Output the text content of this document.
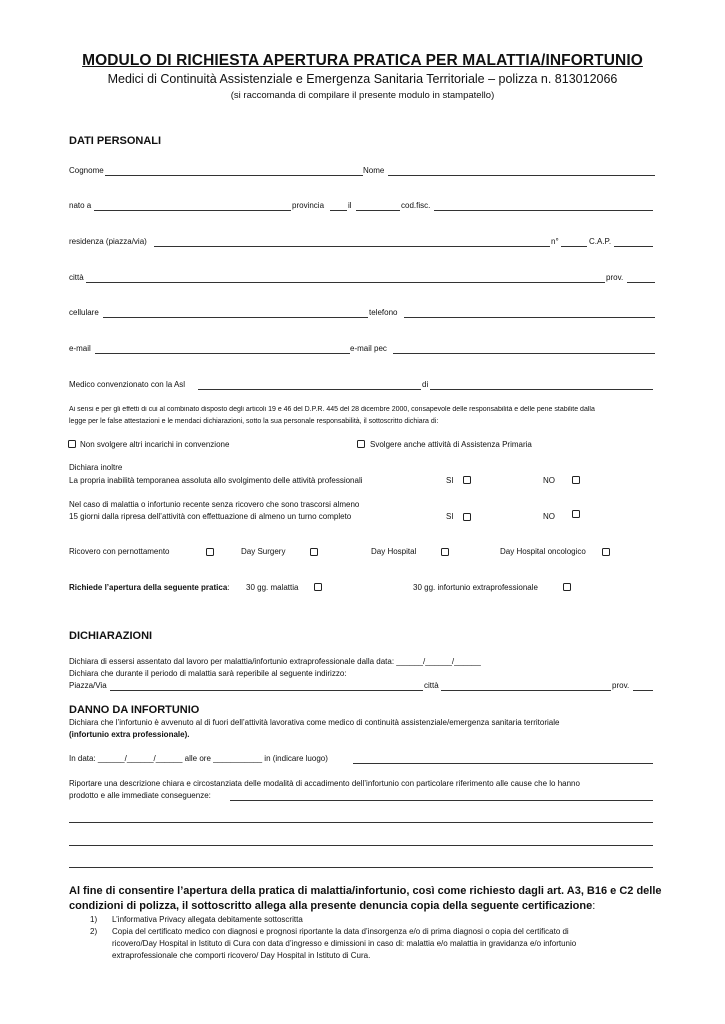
MODULO DI RICHIESTA APERTURA PRATICA PER MALATTIA/INFORTUNIO
Medici di Continuità Assistenziale e Emergenza Sanitaria Territoriale – polizza n. 813012066
(si raccomanda di compilare il presente modulo in stampatello)
DATI PERSONALI
Cognome	Nome
nato a	provincia	il	cod.fisc.
residenza (piazza/via)	n°	C.A.P.
città	prov.
cellulare	telefono
e-mail	e-mail pec
Medico convenzionato con la Asl	di
Ai sensi e per gli effetti di cui al combinato disposto degli articoli 19 e 46 del D.P.R. 445 del 28 dicembre 2000, consapevole delle responsabilità e delle pene stabilite dalla
legge per le false attestazioni e le mendaci dichiarazioni, sotto la sua personale responsabilità, il sottoscritto dichiara di:
Non svolgere altri incarichi in convenzione	Svolgere anche attività di Assistenza Primaria
Dichiara inoltre
La propria inabilità temporanea assoluta allo svolgimento delle attività professionali	SI	NO
Nel caso di malattia o infortunio recente senza ricovero che sono trascorsi almeno
15 giorni dalla ripresa dell’attività con effettuazione di almeno un turno completo	SI	NO
Ricovero con pernottamento	Day Surgery	Day Hospital	Day Hospital oncologico
Richiede l’apertura della seguente pratica: 30 gg. malattia	30 gg. infortunio extraprofessionale
DICHIARAZIONI
Dichiara di essersi assentato dal lavoro per malattia/infortunio extraprofessionale dalla data: ______/______/______
Dichiara che durante il periodo di malattia sarà reperibile al seguente indirizzo:
Piazza/Via	città	prov.
DANNO DA INFORTUNIO
Dichiara che l’infortunio è avvenuto al di fuori dell’attività lavorativa come medico di continuità assistenziale/emergenza sanitaria territoriale
(infortunio extra professionale).
In data: ______/______/______ alle ore ___________ in (indicare luogo)
Riportare una descrizione chiara e circostanziata delle modalità di accadimento dell’infortunio con particolare riferimento alle cause che lo hanno
prodotto e alle immediate conseguenze:
Al fine di consentire l’apertura della pratica di malattia/infortunio, così come richiesto dagli art. A3, B16 e C2 delle
condizioni di polizza, il sottoscritto allega alla presente denuncia copia della seguente certificazione:
1) L’informativa Privacy allegata debitamente sottoscritta
2) Copia del certificato medico con diagnosi e prognosi riportante la data d’insorgenza e/o di prima diagnosi o copia del certificato di
ricovero/Day Hospital in Istituto di Cura con data d’ingresso e dimissioni in caso di: malattia e/o malattia in gravidanza e/o infortunio
extraprofessionale che comporti ricovero/ Day Hospital in Istituto di Cura.
